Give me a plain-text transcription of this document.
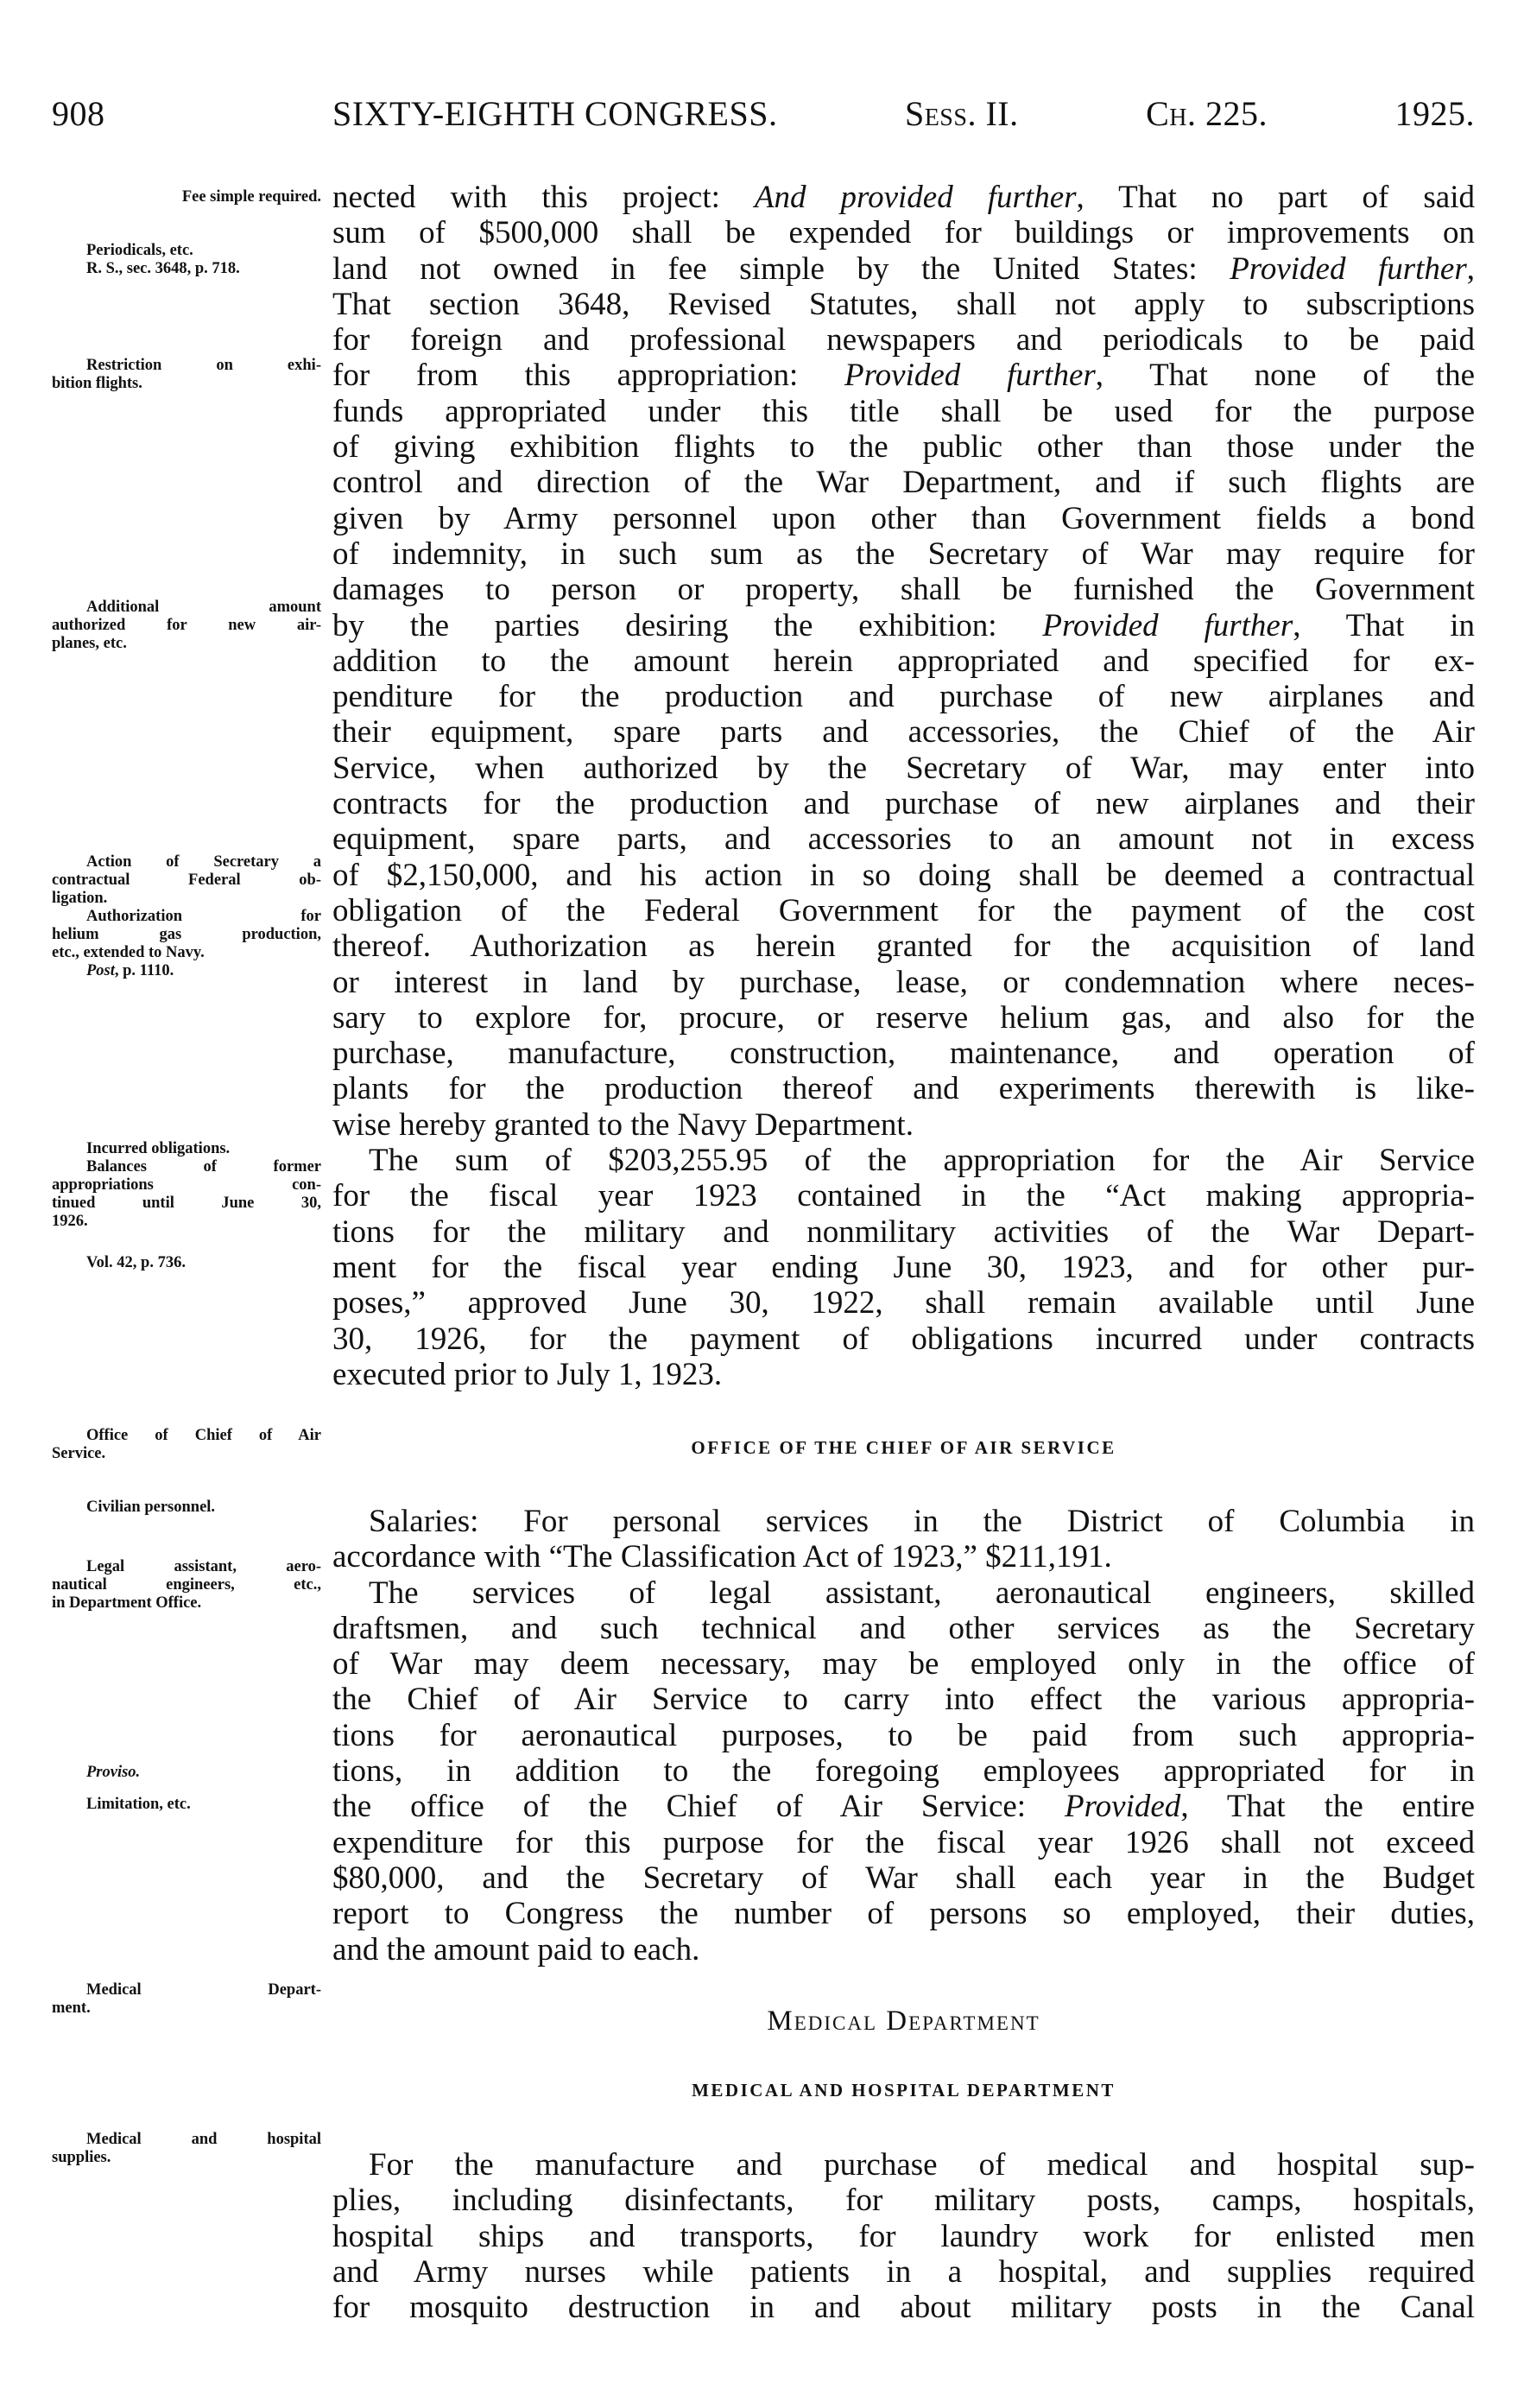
908	SIXTY-EIGHTH CONGRESS.	Sess. II.	Ch. 225.	1925.
Fee simple required.
Periodicals, etc.
R. S., sec. 3648, p. 718.
Restriction on exhi-
bition flights.
Additional amount
authorized for new air-
planes, etc.
Action of Secretary a
contractual Federal ob-
ligation.
Authorization for
helium gas production,
etc., extended to Navy.
Post, p. 1110.
Incurred obligations.
Balances of former
appropriations con-
tinued until June 30,
1926.
Vol. 42, p. 736.
Office of Chief of Air
Service.
Civilian personnel.
Legal assistant, aero-
nautical engineers, etc.,
in Department Office.
Proviso.
Limitation, etc.
Medical Depart-
ment.
Medical and hospital
supplies.
nected with this project: And provided further, That no part of said
sum of $500,000 shall be expended for buildings or improvements on
land not owned in fee simple by the United States: Provided further,
That section 3648, Revised Statutes, shall not apply to subscriptions
for foreign and professional newspapers and periodicals to be paid
for from this appropriation: Provided further, That none of the
funds appropriated under this title shall be used for the purpose
of giving exhibition flights to the public other than those under the
control and direction of the War Department, and if such flights are
given by Army personnel upon other than Government fields a bond
of indemnity, in such sum as the Secretary of War may require for
damages to person or property, shall be furnished the Government
by the parties desiring the exhibition: Provided further, That in
addition to the amount herein appropriated and specified for ex-
penditure for the production and purchase of new airplanes and
their equipment, spare parts and accessories, the Chief of the Air
Service, when authorized by the Secretary of War, may enter into
contracts for the production and purchase of new airplanes and their
equipment, spare parts, and accessories to an amount not in excess
of $2,150,000, and his action in so doing shall be deemed a contractual
obligation of the Federal Government for the payment of the cost
thereof. Authorization as herein granted for the acquisition of land
or interest in land by purchase, lease, or condemnation where neces-
sary to explore for, procure, or reserve helium gas, and also for the
purchase, manufacture, construction, maintenance, and operation of
plants for the production thereof and experiments therewith is like-
wise hereby granted to the Navy Department.
The sum of $203,255.95 of the appropriation for the Air Service
for the fiscal year 1923 contained in the “Act making appropria-
tions for the military and nonmilitary activities of the War Depart-
ment for the fiscal year ending June 30, 1923, and for other pur-
poses,” approved June 30, 1922, shall remain available until June
30, 1926, for the payment of obligations incurred under contracts
executed prior to July 1, 1923.
OFFICE OF THE CHIEF OF AIR SERVICE
Salaries: For personal services in the District of Columbia in
accordance with “The Classification Act of 1923,” $211,191.
The services of legal assistant, aeronautical engineers, skilled
draftsmen, and such technical and other services as the Secretary
of War may deem necessary, may be employed only in the office of
the Chief of Air Service to carry into effect the various appropria-
tions for aeronautical purposes, to be paid from such appropria-
tions, in addition to the foregoing employees appropriated for in
the office of the Chief of Air Service: Provided, That the entire
expenditure for this purpose for the fiscal year 1926 shall not exceed
$80,000, and the Secretary of War shall each year in the Budget
report to Congress the number of persons so employed, their duties,
and the amount paid to each.
Medical Department
MEDICAL AND HOSPITAL DEPARTMENT
For the manufacture and purchase of medical and hospital sup-
plies, including disinfectants, for military posts, camps, hospitals,
hospital ships and transports, for laundry work for enlisted men
and Army nurses while patients in a hospital, and supplies required
for mosquito destruction in and about military posts in the Canal
